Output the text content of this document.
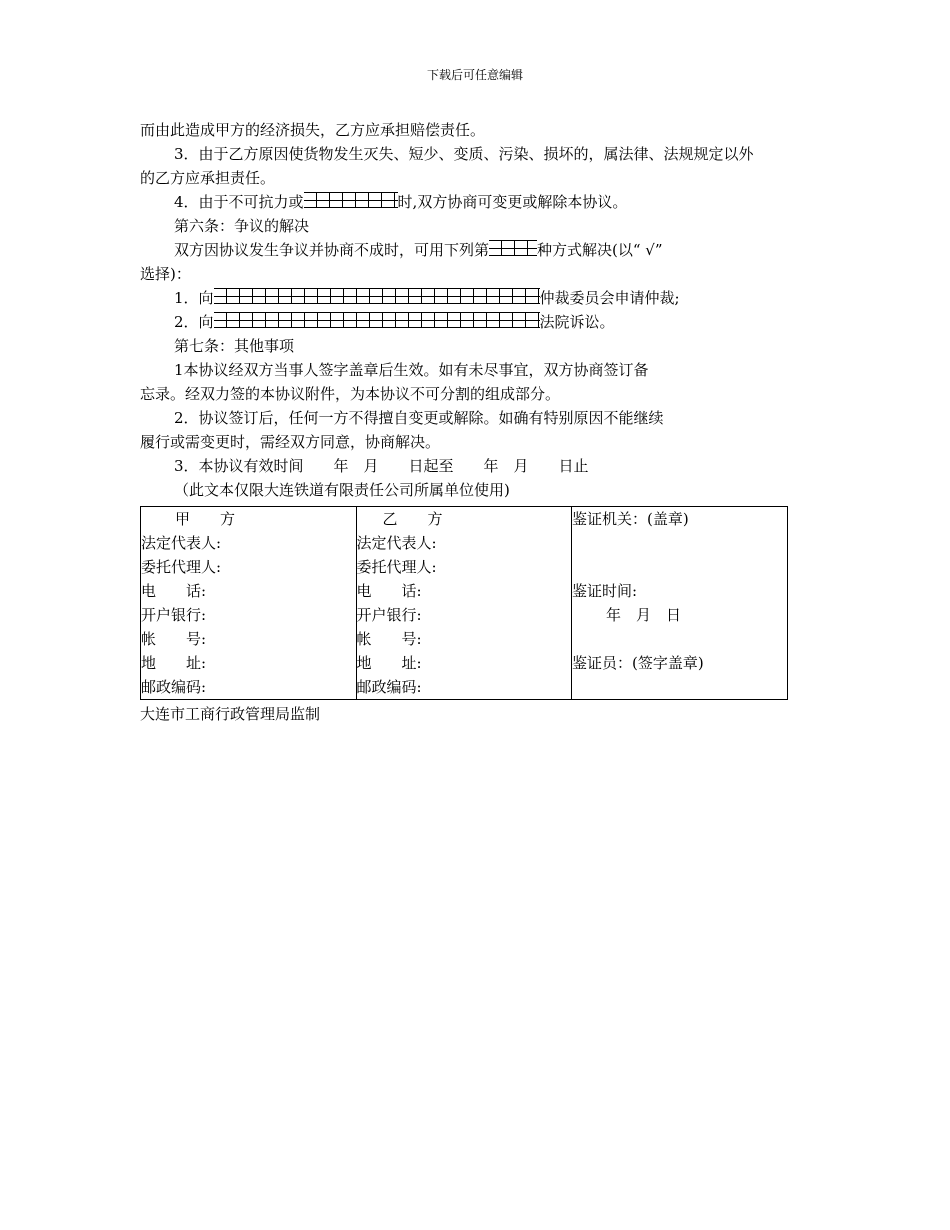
下载后可任意编辑
而由此造成甲方的经济损失，乙方应承担赔偿责任。
3．由于乙方原因使货物发生灭失、短少、变质、污染、损坏的，属法律、法规规定以外
的乙方应承担责任。
4．由于不可抗力或	时,双方协商可变更或解除本协议。
第六条：争议的解决
双方因协议发生争议并协商不成时，可用下列第	种方式解决(以“ √”
选择)：
1．向	仲裁委员会申请仲裁;
2．向	法院诉讼。
第七条：其他事项
1本协议经双方当事人签字盖章后生效。如有未尽事宜，双方协商签订备
忘录。经双力签的本协议附件，为本协议不可分割的组成部分。
2．协议签订后，任何一方不得擅自变更或解除。如确有特别原因不能继续
履行或需变更时，需经双方同意，协商解决。
3．本协议有效时间　　年　月　　日起至　　年　月　　日止
（此文本仅限大连铁道有限责任公司所属单位使用)
甲　　方
法定代表人:
委托代理人:
电　　话:
开户银行:
帐　　号:
地　　址:
邮政编码:

乙　　方
法定代表人:
委托代理人:
电　　话:
开户银行:
帐　　号:
地　　址:
邮政编码:

鉴证机关：(盖章)
鉴证时间:
年　月　日
鉴证员：(签字盖章)
大连市工商行政管理局监制
